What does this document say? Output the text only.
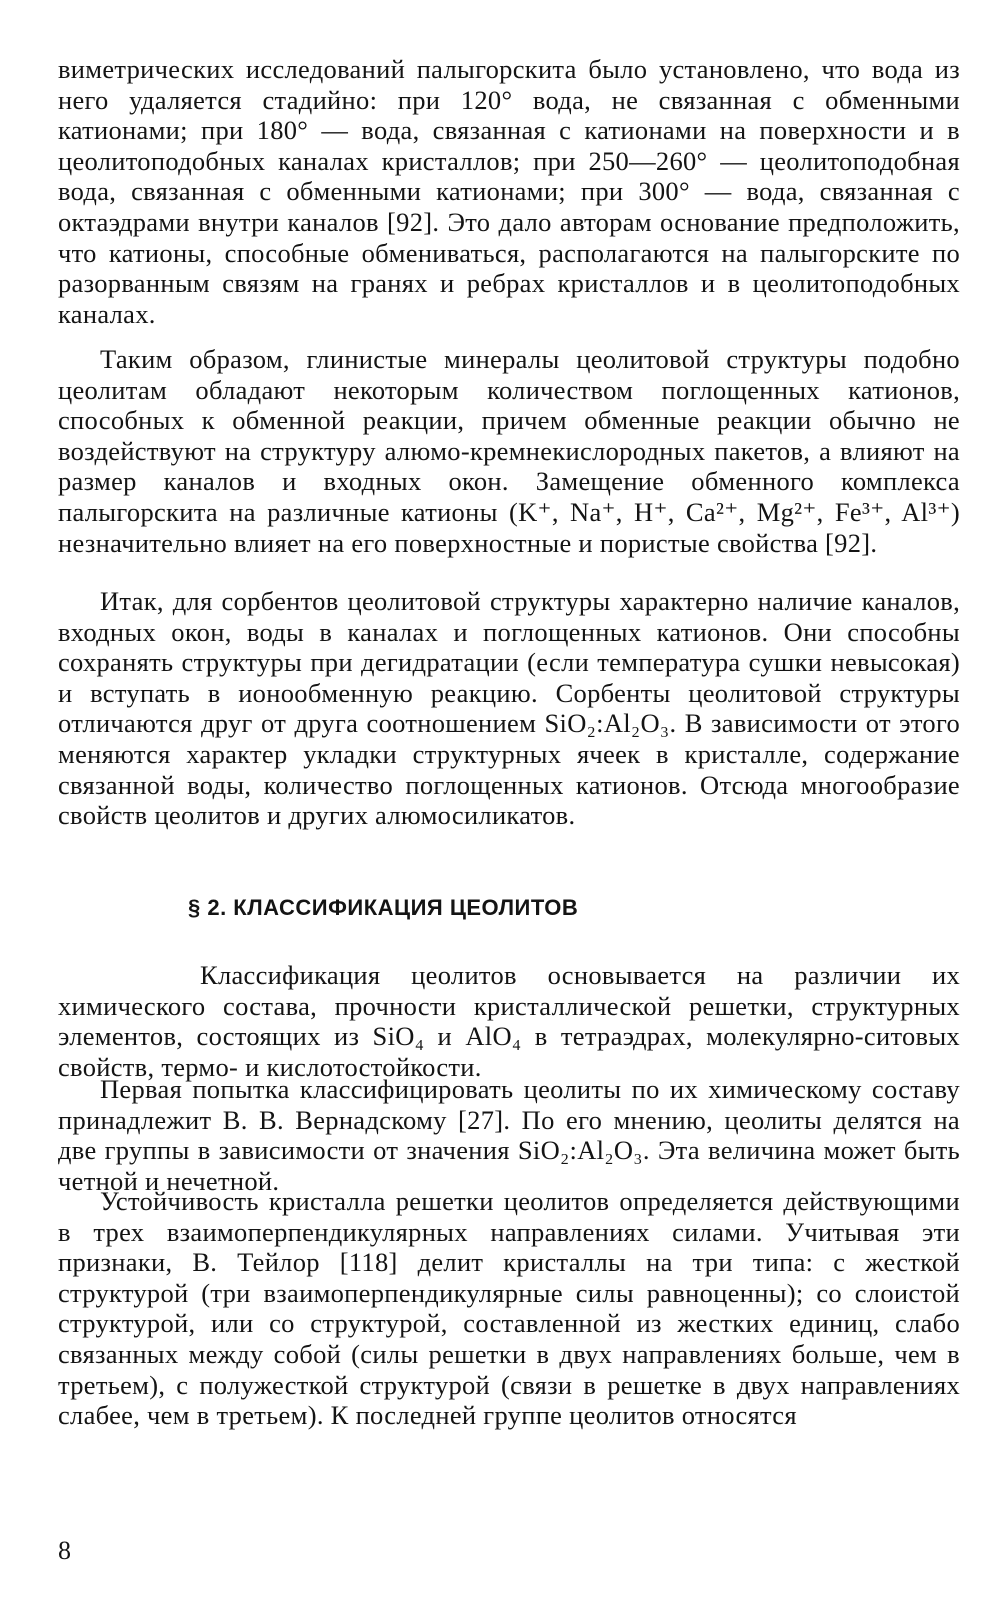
виметрических исследований палыгорскита было установлено, что вода из него удаляется стадийно: при 120° вода, не связанная с обменными катионами; при 180° — вода, связанная с катионами на поверхности и в цеолитоподобных каналах кристаллов; при 250—260° — цеолитоподобная вода, связанная с обменными катионами; при 300° — вода, связанная с октаэдрами внутри каналов [92]. Это дало авторам основание предположить, что катионы, способные обмениваться, располагаются на палыгорските по разорванным связям на гранях и ребрах кристаллов и в цеолитоподобных каналах.

Таким образом, глинистые минералы цеолитовой структуры подобно цеолитам обладают некоторым количеством поглощенных катионов, способных к обменной реакции, причем обменные реакции обычно не воздействуют на структуру алюмо-кремнекислородных пакетов, а влияют на размер каналов и входных окон. Замещение обменного комплекса палыгорскита на различные катионы (K⁺, Na⁺, H⁺, Ca²⁺, Mg²⁺, Fe³⁺, Al³⁺) незначительно влияет на его поверхностные и пористые свойства [92].

Итак, для сорбентов цеолитовой структуры характерно наличие каналов, входных окон, воды в каналах и поглощенных катионов. Они способны сохранять структуры при дегидратации (если температура сушки невысокая) и вступать в ионообменную реакцию. Сорбенты цеолитовой структуры отличаются друг от друга соотношением SiO₂:Al₂O₃. В зависимости от этого меняются характер укладки структурных ячеек в кристалле, содержание связанной воды, количество поглощенных катионов. Отсюда многообразие свойств цеолитов и других алюмосиликатов.

Классификация цеолитов основывается на различии их химического состава, прочности кристаллической решетки, структурных элементов, состоящих из SiO₄ и AlO₄ в тетраэдрах, молекулярно-ситовых свойств, термо- и кислотостойкости.

Первая попытка классифицировать цеолиты по их химическому составу принадлежит В. В. Вернадскому [27]. По его мнению, цеолиты делятся на две группы в зависимости от значения SiO₂:Al₂O₃. Эта величина может быть четной и нечетной.

Устойчивость кристалла решетки цеолитов определяется действующими в трех взаимоперпендикулярных направлениях силами. Учитывая эти признаки, В. Тейлор [118] делит кристаллы на три типа: с жесткой структурой (три взаимоперпендикулярные силы равноценны); со слоистой структурой, или со структурой, составленной из жестких единиц, слабо связанных между собой (силы решетки в двух направлениях больше, чем в третьем), с полужесткой структурой (связи в решетке в двух направлениях слабее, чем в третьем). К последней группе цеолитов относятся

§ 2. КЛАССИФИКАЦИЯ ЦЕОЛИТОВ
8
